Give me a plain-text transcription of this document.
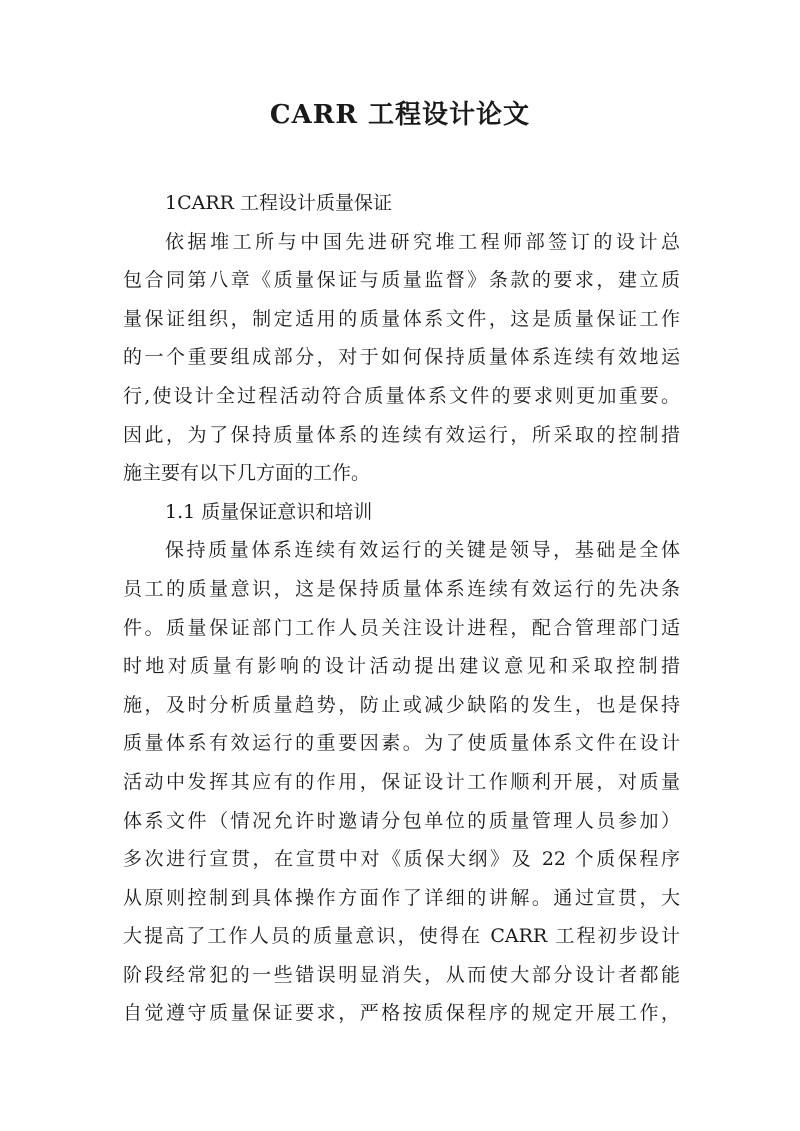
CARR 工程设计论文
1CARR 工程设计质量保证
依据堆工所与中国先进研究堆工程师部签订的设计总
包合同第八章《质量保证与质量监督》条款的要求，建立质
量保证组织，制定适用的质量体系文件，这是质量保证工作
的一个重要组成部分，对于如何保持质量体系连续有效地运
行,使设计全过程活动符合质量体系文件的要求则更加重要。
因此，为了保持质量体系的连续有效运行，所采取的控制措
施主要有以下几方面的工作。
1.1 质量保证意识和培训
保持质量体系连续有效运行的关键是领导，基础是全体
员工的质量意识，这是保持质量体系连续有效运行的先决条
件。质量保证部门工作人员关注设计进程，配合管理部门适
时地对质量有影响的设计活动提出建议意见和采取控制措
施，及时分析质量趋势，防止或减少缺陷的发生，也是保持
质量体系有效运行的重要因素。为了使质量体系文件在设计
活动中发挥其应有的作用，保证设计工作顺利开展，对质量
体系文件（情况允许时邀请分包单位的质量管理人员参加）
多次进行宣贯，在宣贯中对《质保大纲》及 22 个质保程序
从原则控制到具体操作方面作了详细的讲解。通过宣贯，大
大提高了工作人员的质量意识，使得在 CARR 工程初步设计
阶段经常犯的一些错误明显消失，从而使大部分设计者都能
自觉遵守质量保证要求，严格按质保程序的规定开展工作，
